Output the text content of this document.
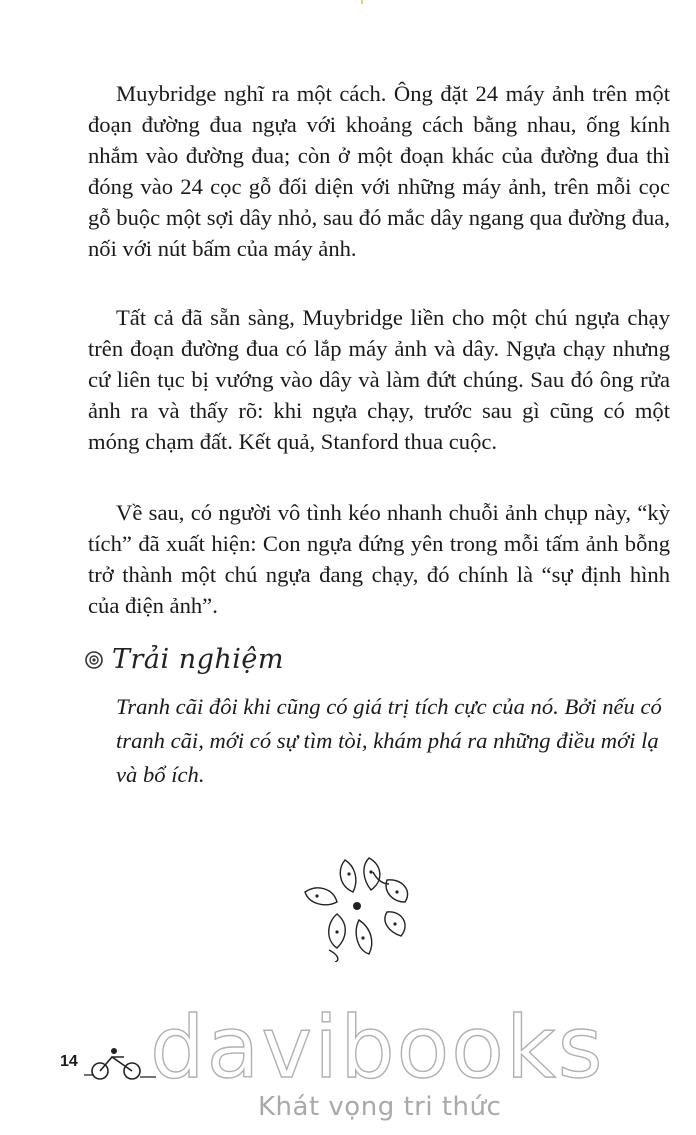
Muybridge nghĩ ra một cách. Ông đặt 24 máy ảnh trên một đoạn đường đua ngựa với khoảng cách bằng nhau, ống kính nhắm vào đường đua; còn ở một đoạn khác của đường đua thì đóng vào 24 cọc gỗ đối diện với những máy ảnh, trên mỗi cọc gỗ buộc một sợi dây nhỏ, sau đó mắc dây ngang qua đường đua, nối với nút bấm của máy ảnh.

Tất cả đã sẵn sàng, Muybridge liền cho một chú ngựa chạy trên đoạn đường đua có lắp máy ảnh và dây. Ngựa chạy nhưng cứ liên tục bị vướng vào dây và làm đứt chúng. Sau đó ông rửa ảnh ra và thấy rõ: khi ngựa chạy, trước sau gì cũng có một móng chạm đất. Kết quả, Stanford thua cuộc.

Về sau, có người vô tình kéo nhanh chuỗi ảnh chụp này, “kỳ tích” đã xuất hiện: Con ngựa đứng yên trong mỗi tấm ảnh bỗng trở thành một chú ngựa đang chạy, đó chính là “sự định hình của điện ảnh”.

Trải nghiệm

Tranh cãi đôi khi cũng có giá trị tích cực của nó. Bởi nếu có tranh cãi, mới có sự tìm tòi, khám phá ra những điều mới lạ và bổ ích.

14 davibooks
Khát vọng tri thức
